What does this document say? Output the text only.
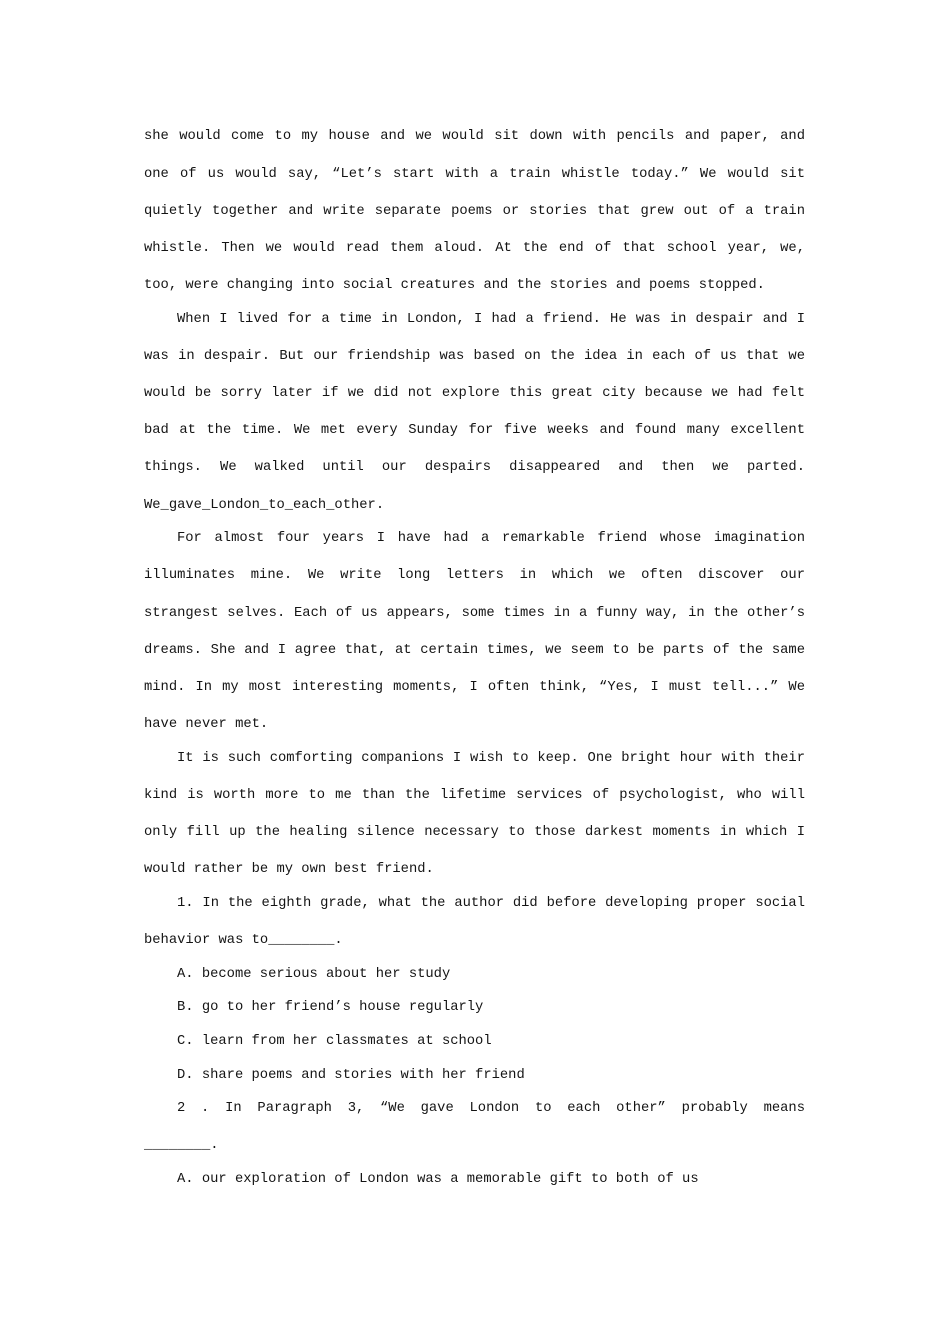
she would come to my house and we would sit down with pencils and paper, and
one of us would say, “Let’s start with a train whistle today.” We would sit
quietly together and write separate poems or stories that grew out of a train
whistle. Then we would read them aloud. At the end of that school year, we,
too, were changing into social creatures and the stories and poems stopped.
When I lived for a time in London, I had a friend. He was in despair and I
was in despair. But our friendship was based on the idea in each of us that we
would be sorry later if we did not explore this great city because we had felt
bad at the time. We met every Sunday for five weeks and found many excellent
things. We walked until our despairs disappeared and then we parted.
We_gave_London_to_each_other.
For almost four years I have had a remarkable friend whose imagination
illuminates mine. We write long letters in which we often discover our
strangest selves. Each of us appears, some times in a funny way, in the other’s
dreams. She and I agree that, at certain times, we seem to be parts of the same
mind. In my most interesting moments, I often think, “Yes, I must tell...” We
have never met.
It is such comforting companions I wish to keep. One bright hour with their
kind is worth more to me than the lifetime services of psychologist, who will
only fill up the healing silence necessary to those darkest moments in which I
would rather be my own best friend.
1. In the eighth grade, what the author did before developing proper social
behavior was to________.
A. become serious about her study
B. go to her friend’s house regularly
C. learn from her classmates at school
D. share poems and stories with her friend
2 . In Paragraph 3, “We gave London to each other” probably means
________.
A. our exploration of London was a memorable gift to both of us
